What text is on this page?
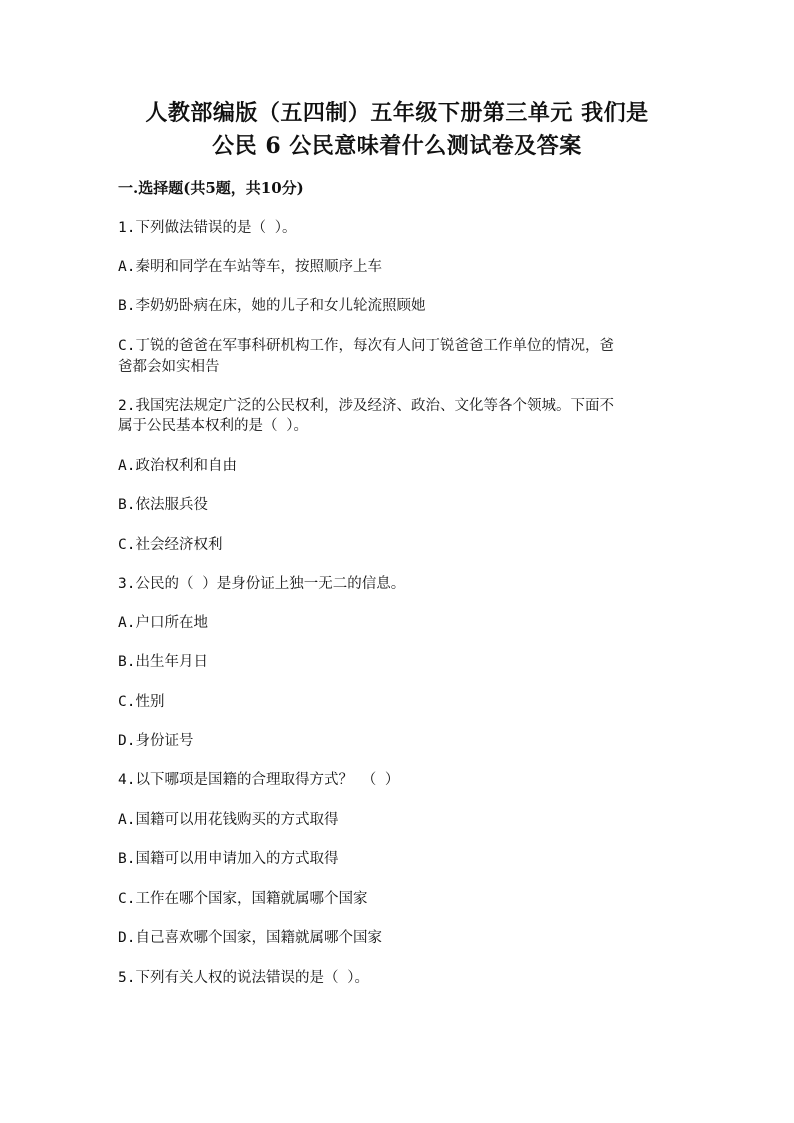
人教部编版（五四制）五年级下册第三单元 我们是
公民 6 公民意味着什么测试卷及答案
一.选择题(共5题，共10分)
1.下列做法错误的是（ ）。
A.秦明和同学在车站等车，按照顺序上车
B.李奶奶卧病在床，她的儿子和女儿轮流照顾她
C.丁锐的爸爸在军事科研机构工作，每次有人问丁锐爸爸工作单位的情况，爸
爸都会如实相告
2.我国宪法规定广泛的公民权利，涉及经济、政治、文化等各个领城。下面不
属于公民基本权利的是（ ）。
A.政治权利和自由
B.依法服兵役
C.社会经济权利
3.公民的（ ）是身份证上独一无二的信息。
A.户口所在地
B.出生年月日
C.性别
D.身份证号
4.以下哪项是国籍的合理取得方式？ （ ）
A.国籍可以用花钱购买的方式取得
B.国籍可以用申请加入的方式取得
C.工作在哪个国家，国籍就属哪个国家
D.自己喜欢哪个国家，国籍就属哪个国家
5.下列有关人权的说法错误的是（ ）。
